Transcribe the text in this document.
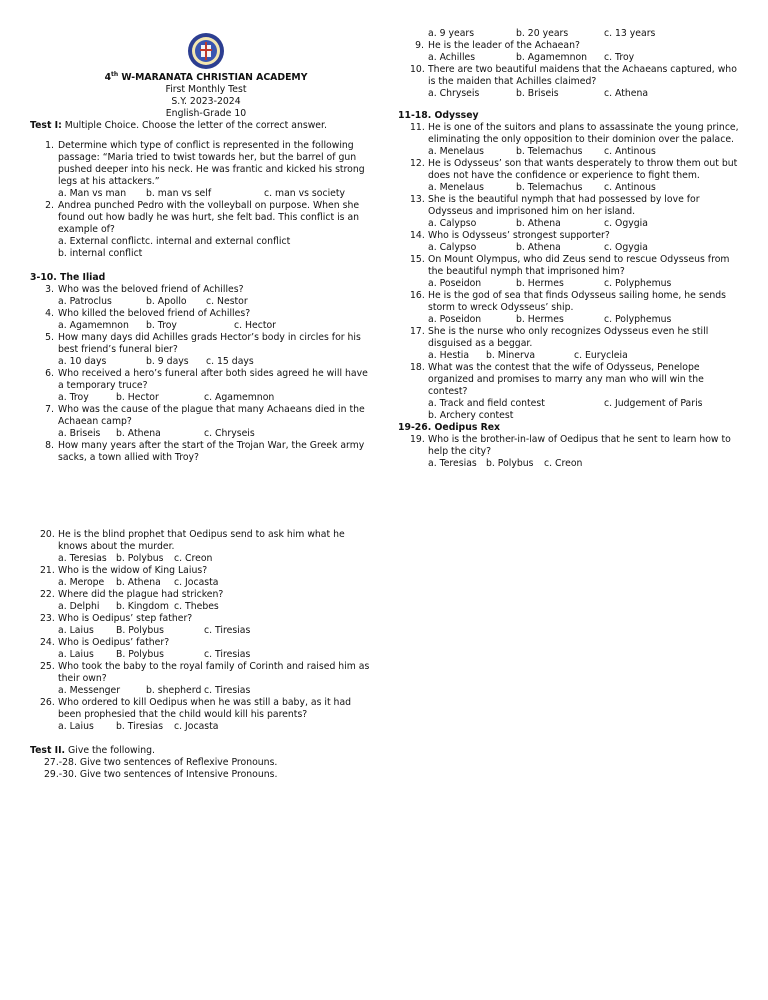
4th W-MARANATA CHRISTIAN ACADEMY
First Monthly Test
S.Y. 2023-2024
English-Grade 10
Test I: Multiple Choice. Choose the letter of the correct answer.
1. Determine which type of conflict is represented in the following passage: “Maria tried to twist towards her, but the barrel of gun pushed deeper into his neck. He was frantic and kicked his strong legs at his attackers.”
a. Man vs man	b. man vs self	c. man vs society
2. Andrea punched Pedro with the volleyball on purpose. When she found out how badly he was hurt, she felt bad. This conflict is an example of?
a. External conflictc. internal and external conflict
b. internal conflict
3-10. The Iliad
3. Who was the beloved friend of Achilles?
a. Patroclus	b. Apollo	c. Nestor
4. Who killed the beloved friend of Achilles?
a. Agamemnon	b. Troy	c. Hector
5. How many days did Achilles grads Hector’s body in circles for his best friend’s funeral bier?
a. 10 days	b. 9 days	c. 15 days
6. Who received a hero’s funeral after both sides agreed he will have a temporary truce?
a. Troy	b. Hector	c. Agamemnon
7. Who was the cause of the plague that many Achaeans died in the Achaean camp?
a. Briseis	b. Athena	c. Chryseis
8. How many years after the start of the Trojan War, the Greek army sacks, a town allied with Troy?
a. 9 years	b. 20 years	c. 13 years
9. He is the leader of the Achaean?
a. Achilles	b. Agamemnon	c. Troy
10. There are two beautiful maidens that the Achaeans captured, who is the maiden that Achilles claimed?
a. Chryseis	b. Briseis	c. Athena
11-18. Odyssey
11. He is one of the suitors and plans to assassinate the young prince, eliminating the only opposition to their dominion over the palace.
a. Menelaus	b. Telemachus	c. Antinous
12. He is Odysseus’ son that wants desperately to throw them out but does not have the confidence or experience to fight them.
a. Menelaus	b. Telemachus	c. Antinous
13. She is the beautiful nymph that had possessed by love for Odysseus and imprisoned him on her island.
a. Calypso	b. Athena	c. Ogygia
14. Who is Odysseus’ strongest supporter?
a. Calypso	b. Athena	c. Ogygia
15. On Mount Olympus, who did Zeus send to rescue Odysseus from the beautiful nymph that imprisoned him?
a. Poseidon	b. Hermes	c. Polyphemus
16. He is the god of sea that finds Odysseus sailing home, he sends storm to wreck Odysseus’ ship.
a. Poseidon	b. Hermes	c. Polyphemus
17. She is the nurse who only recognizes Odysseus even he still disguised as a beggar.
a. Hestia	b. Minerva	c. Eurycleia
18. What was the contest that the wife of Odysseus, Penelope organized and promises to marry any man who will win the contest?
a. Track and field contest	c. Judgement of Paris
b. Archery contest
19-26. Oedipus Rex
19. Who is the brother-in-law of Oedipus that he sent to learn how to help the city?
a. Teresias b. Polybus	c. Creon
20. He is the blind prophet that Oedipus send to ask him what he knows about the murder.
a. Teresias b. Polybus	c. Creon
21. Who is the widow of King Laius?
a. Merope	b. Athena	c. Jocasta
22. Where did the plague had stricken?
a. Delphi	b. Kingdom c. Thebes
23. Who is Oedipus’ step father?
a. Laius	B. Polybus	c. Tiresias
24. Who is Oedipus’ father?
a. Laius	B. Polybus	c. Tiresias
25. Who took the baby to the royal family of Corinth and raised him as their own?
a. Messenger	b. shepherd c. Tiresias
26. Who ordered to kill Oedipus when he was still a baby, as it had been prophesied that the child would kill his parents?
a. Laius	b. Tiresias	c. Jocasta
Test II. Give the following.
27.-28. Give two sentences of Reflexive Pronouns.
29.-30. Give two sentences of Intensive Pronouns.
